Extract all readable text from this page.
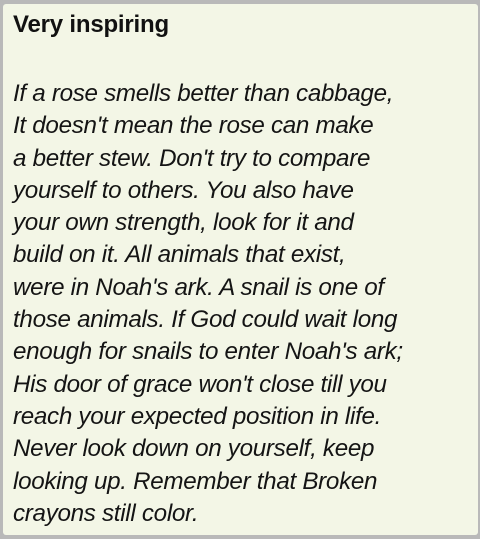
Very inspiring
If a rose smells better than cabbage,
It doesn't mean the rose can make
a better stew. Don't try to compare
yourself to others. You also have
your own strength, look for it and
build on it. All animals that exist,
were in Noah's ark. A snail is one of
those animals. If God could wait long
enough for snails to enter Noah's ark;
His door of grace won't close till you
reach your expected position in life.
Never look down on yourself, keep
looking up. Remember that Broken
crayons still color.
